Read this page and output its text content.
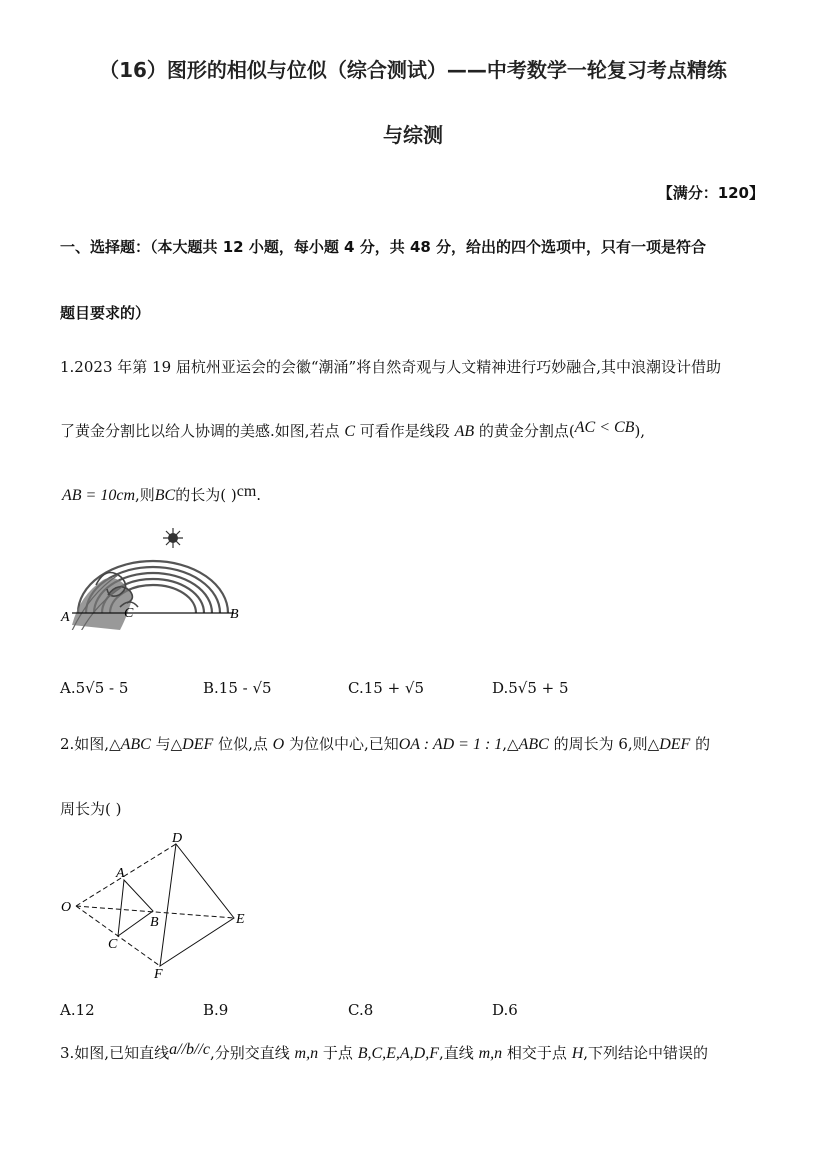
（16）图形的相似与位似（综合测试）——中考数学一轮复习考点精练
与综测
【满分：120】
一、选择题：（本大题共 12 小题，每小题 4 分，共 48 分，给出的四个选项中，只有一项是符合
题目要求的）
1.2023 年第 19 届杭州亚运会的会徽“潮涌”将自然奇观与人文精神进行巧妙融合,其中浪潮设计借助
了黄金分割比以给人协调的美感.如图,若点 C 可看作是线段 AB 的黄金分割点(AC < CB),
AB = 10cm,则BC的长为( )cm.
A	B
C
A.5√5 - 5	B.15 - √5	C.15 + √5	D.5√5 + 5
2.如图,△ABC 与△DEF 位似,点 O 为位似中心,已知OA : AD = 1 : 1,△ABC 的周长为 6,则△DEF 的
周长为( )
O
A
B
C
D
E
F
A.12	B.9	C.8	D.6
3.如图,已知直线a//b//c,分别交直线 m,n 于点 B,C,E,A,D,F,直线 m,n 相交于点 H,下列结论中错误的
